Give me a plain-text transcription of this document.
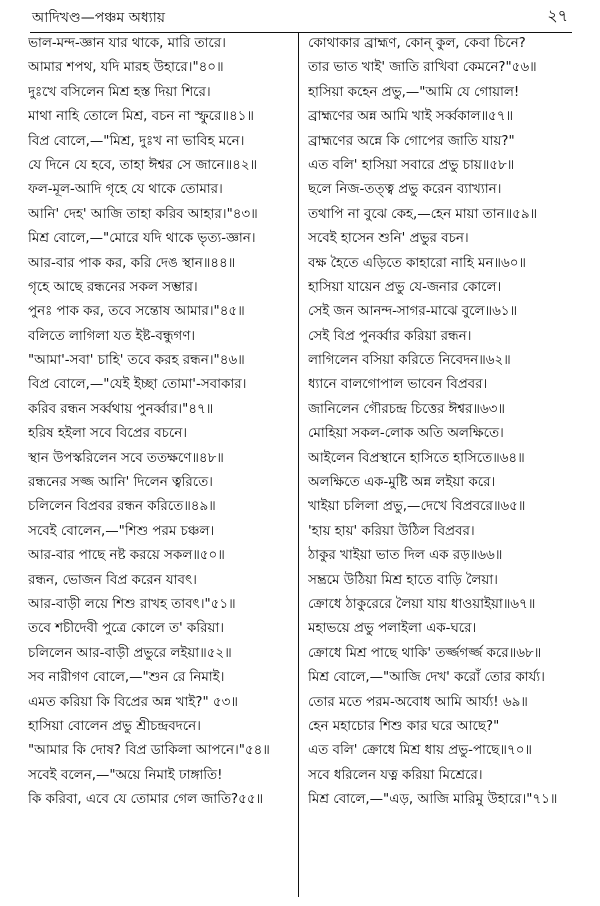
আদিখণ্ড—পঞ্চম অধ্যায়	২৭
ভাল-মন্দ-জ্ঞান যার থাকে, মারি তারে।
আমার শপথ, যদি মারহ উহারে।"৪০॥
দুঃখে বসিলেন মিশ্র হস্ত দিয়া শিরে।
মাথা নাহি তোলে মিশ্র, বচন না স্ফুরে॥৪১॥
বিপ্র বোলে,—"মিশ্র, দুঃখ না ভাবিহ মনে।
যে দিনে যে হবে, তাহা ঈশ্বর সে জানে॥৪২॥
ফল-মূল-আদি গৃহে যে থাকে তোমার।
আনি' দেহ' আজি তাহা করিব আহার।"৪৩॥
মিশ্র বোলে,—"মোরে যদি থাকে ভৃত্য-জ্ঞান।
আর-বার পাক কর, করি দেঙ স্থান॥৪৪॥
গৃহে আছে রন্ধনের সকল সম্ভার।
পুনঃ পাক কর, তবে সন্তোষ আমার।"৪৫॥
বলিতে লাগিলা যত ইষ্ট-বন্ধুগণ।
"আমা'-সবা' চাহি' তবে করহ রন্ধন।"৪৬॥
বিপ্র বোলে,—"যেই ইচ্ছা তোমা'-সবাকার।
করিব রন্ধন সর্ব্বথায় পুনর্ব্বার।"৪৭॥
হরিষ হইলা সবে বিপ্রের বচনে।
স্থান উপস্করিলেন সবে ততক্ষণে॥৪৮॥
রন্ধনের সজ্জ আনি' দিলেন ত্বরিতে।
চলিলেন বিপ্রবর রন্ধন করিতে॥৪৯॥
সবেই বোলেন,—"শিশু পরম চঞ্চল।
আর-বার পাছে নষ্ট করয়ে সকল॥৫০॥
রন্ধন, ভোজন বিপ্র করেন যাবৎ।
আর-বাড়ী লয়ে শিশু রাখহ তাবৎ।"৫১॥
তবে শচীদেবী পুত্রে কোলে ত' করিয়া।
চলিলেন আর-বাড়ী প্রভুরে লইয়া॥৫২॥
সব নারীগণ বোলে,—"শুন রে নিমাই।
এমত করিয়া কি বিপ্রের অন্ন খাই?" ৫৩॥
হাসিয়া বোলেন প্রভু শ্রীচন্দ্রবদনে।
"আমার কি দোষ? বিপ্র ডাকিলা আপনে।"৫৪॥
সবেই বলেন,—"অয়ে নিমাই ঢাঙ্গাতি!
কি করিবা, এবে যে তোমার গেল জাতি?৫৫॥
কোথাকার ব্রাহ্মণ, কোন্ কুল, কেবা চিনে?
তার ভাত খাই' জাতি রাখিবা কেমনে?"৫৬॥
হাসিয়া কহেন প্রভু,—"আমি যে গোয়াল!
ব্রাহ্মণের অন্ন আমি খাই সর্ব্বকাল॥৫৭॥
ব্রাহ্মণের অন্নে কি গোপের জাতি যায়?"
এত বলি' হাসিয়া সবারে প্রভু চায়॥৫৮॥
ছলে নিজ-তত্ত্ব প্রভু করেন ব্যাখ্যান।
তথাপি না বুঝে কেহ,—হেন মায়া তান॥৫৯॥
সবেই হাসেন শুনি' প্রভুর বচন।
বক্ষ হৈতে এড়িতে কাহারো নাহি মন॥৬০॥
হাসিয়া যায়েন প্রভু যে-জনার কোলে।
সেই জন আনন্দ-সাগর-মাঝে বুলে॥৬১॥
সেই বিপ্র পুনর্ব্বার করিয়া রন্ধন।
লাগিলেন বসিয়া করিতে নিবেদন॥৬২॥
ধ্যানে বালগোপাল ভাবেন বিপ্রবর।
জানিলেন গৌরচন্দ্র চিত্তের ঈশ্বর॥৬৩॥
মোহিয়া সকল-লোক অতি অলক্ষিতে।
আইলেন বিপ্রস্থানে হাসিতে হাসিতে॥৬৪॥
অলক্ষিতে এক-মুষ্টি অন্ন লইয়া করে।
খাইয়া চলিলা প্রভু,—দেখে বিপ্রবরে॥৬৫॥
'হায় হায়' করিয়া উঠিল বিপ্রবর।
ঠাকুর খাইয়া ভাত দিল এক রড়॥৬৬॥
সম্ভ্রমে উঠিয়া মিশ্র হাতে বাড়ি লৈয়া।
ক্রোধে ঠাকুরেরে লৈয়া যায় ধাওয়াইয়া॥৬৭॥
মহাভয়ে প্রভু পলাইলা এক-ঘরে।
ক্রোধে মিশ্র পাছে থাকি' তর্জ্জগর্জ্জ করে॥৬৮॥
মিশ্র বোলে,—"আজি দেখ' করোঁ তোর কার্য্য।
তোর মতে পরম-অবোধ আমি আর্য্য! ৬৯॥
হেন মহাচোর শিশু কার ঘরে আছে?"
এত বলি' ক্রোধে মিশ্র ধায় প্রভু-পাছে॥৭০॥
সবে ধরিলেন যত্ন করিয়া মিশ্রেরে।
মিশ্র বোলে,—"এড়, আজি মারিমু উহারে।"৭১॥
